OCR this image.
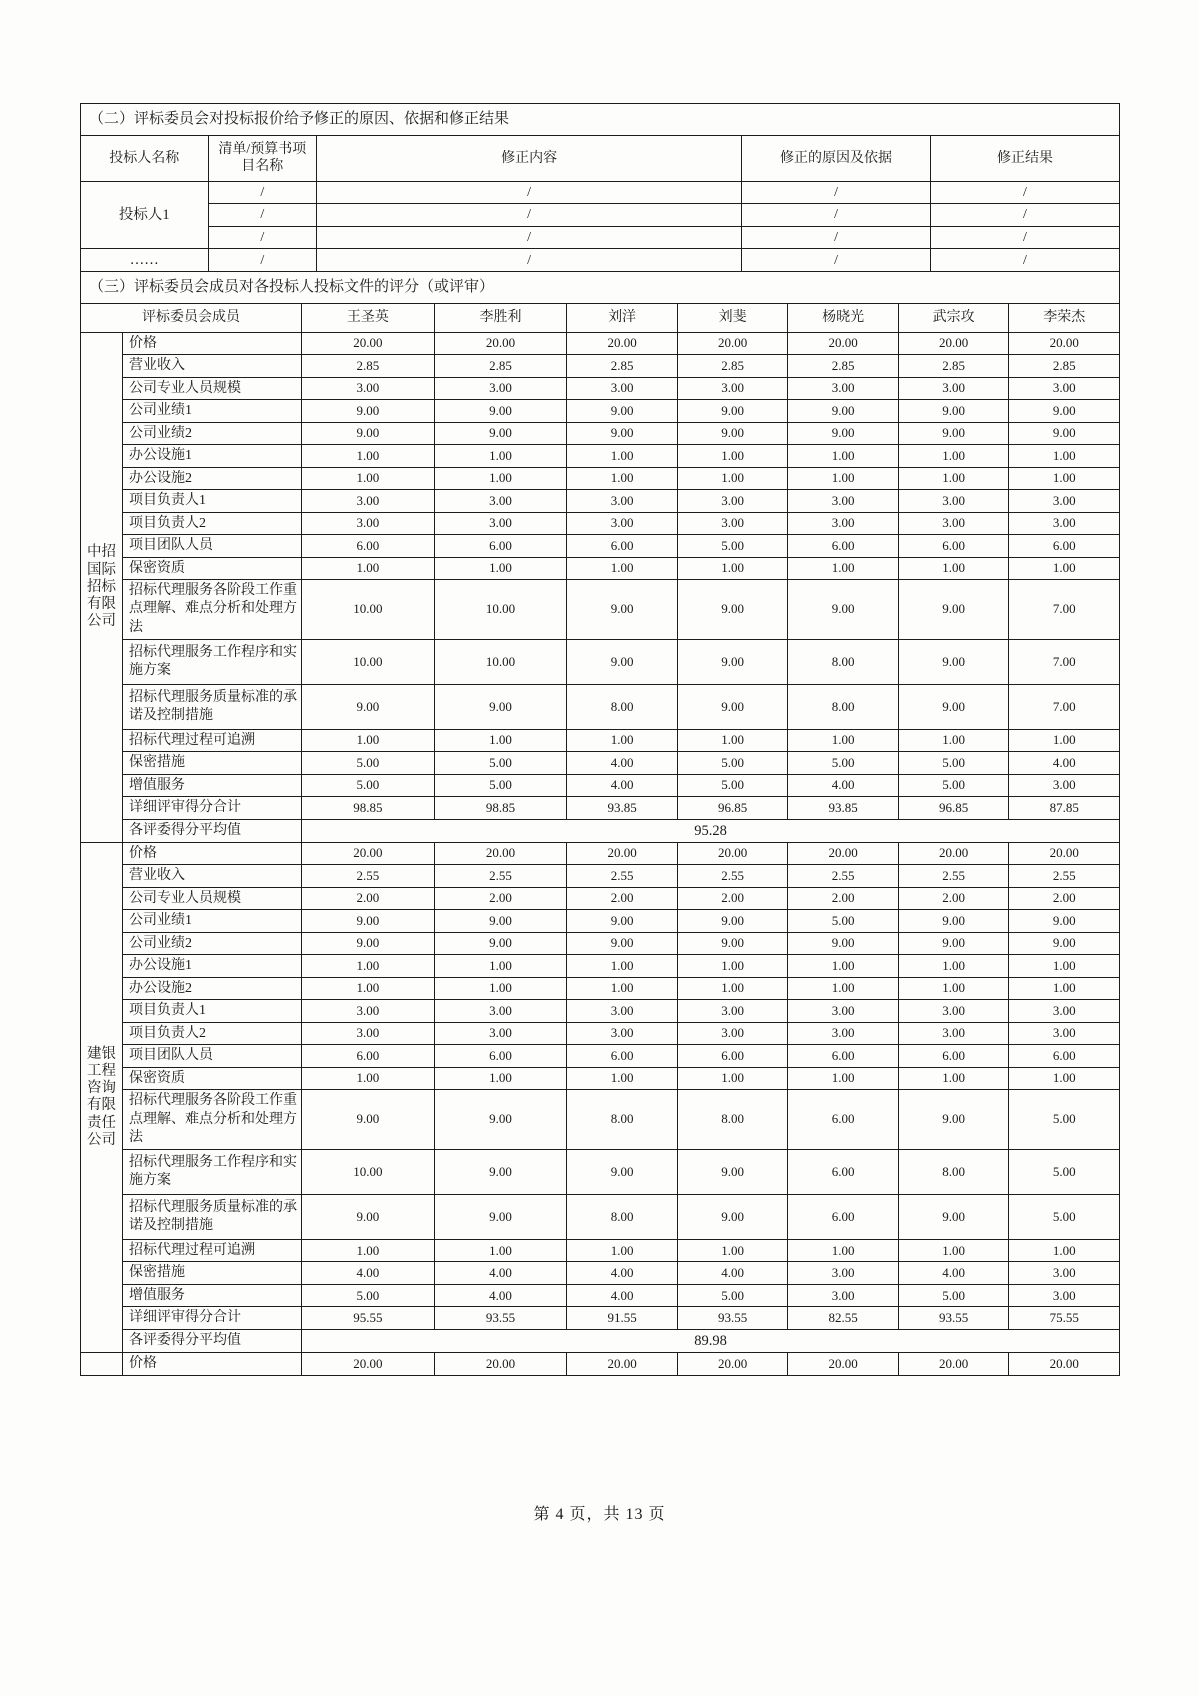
（二）评标委员会对投标报价给予修正的原因、依据和修正结果				
投标人名称	清单/预算书项目名称	修正内容	修正的原因及依据	修正结果
投标人1	/	/	/	/
	/	/	/	/
	/	/	/	/
……	/	/	/	/
（三）评标委员会成员对各投标人投标文件的评分（或评审）								
评标委员会成员		王圣英	李胜利	刘洋	刘斐	杨晓光	武宗攻	李荣杰
中招国际招标有限公司	价格	20.00	20.00	20.00	20.00	20.00	20.00	20.00
	营业收入	2.85	2.85	2.85	2.85	2.85	2.85	2.85
	公司专业人员规模	3.00	3.00	3.00	3.00	3.00	3.00	3.00
	公司业绩1	9.00	9.00	9.00	9.00	9.00	9.00	9.00
	公司业绩2	9.00	9.00	9.00	9.00	9.00	9.00	9.00
	办公设施1	1.00	1.00	1.00	1.00	1.00	1.00	1.00
	办公设施2	1.00	1.00	1.00	1.00	1.00	1.00	1.00
	项目负责人1	3.00	3.00	3.00	3.00	3.00	3.00	3.00
	项目负责人2	3.00	3.00	3.00	3.00	3.00	3.00	3.00
	项目团队人员	6.00	6.00	6.00	5.00	6.00	6.00	6.00
	保密资质	1.00	1.00	1.00	1.00	1.00	1.00	1.00
	招标代理服务各阶段工作重点理解、难点分析和处理方法	10.00	10.00	9.00	9.00	9.00	9.00	7.00
	招标代理服务工作程序和实施方案	10.00	10.00	9.00	9.00	8.00	9.00	7.00
	招标代理服务质量标准的承诺及控制措施	9.00	9.00	8.00	9.00	8.00	9.00	7.00
	招标代理过程可追溯	1.00	1.00	1.00	1.00	1.00	1.00	1.00
	保密措施	5.00	5.00	4.00	5.00	5.00	5.00	4.00
	增值服务	5.00	5.00	4.00	5.00	4.00	5.00	3.00
	详细评审得分合计	98.85	98.85	93.85	96.85	93.85	96.85	87.85
	各评委得分平均值	95.28						
建银工程咨询有限责任公司	价格	20.00	20.00	20.00	20.00	20.00	20.00	20.00
	营业收入	2.55	2.55	2.55	2.55	2.55	2.55	2.55
	公司专业人员规模	2.00	2.00	2.00	2.00	2.00	2.00	2.00
	公司业绩1	9.00	9.00	9.00	9.00	5.00	9.00	9.00
	公司业绩2	9.00	9.00	9.00	9.00	9.00	9.00	9.00
	办公设施1	1.00	1.00	1.00	1.00	1.00	1.00	1.00
	办公设施2	1.00	1.00	1.00	1.00	1.00	1.00	1.00
	项目负责人1	3.00	3.00	3.00	3.00	3.00	3.00	3.00
	项目负责人2	3.00	3.00	3.00	3.00	3.00	3.00	3.00
	项目团队人员	6.00	6.00	6.00	6.00	6.00	6.00	6.00
	保密资质	1.00	1.00	1.00	1.00	1.00	1.00	1.00
	招标代理服务各阶段工作重点理解、难点分析和处理方法	9.00	9.00	8.00	8.00	6.00	9.00	5.00
	招标代理服务工作程序和实施方案	10.00	9.00	9.00	9.00	6.00	8.00	5.00
	招标代理服务质量标准的承诺及控制措施	9.00	9.00	8.00	9.00	6.00	9.00	5.00
	招标代理过程可追溯	1.00	1.00	1.00	1.00	1.00	1.00	1.00
	保密措施	4.00	4.00	4.00	4.00	3.00	4.00	3.00
	增值服务	5.00	4.00	4.00	5.00	3.00	5.00	3.00
	详细评审得分合计	95.55	93.55	91.55	93.55	82.55	93.55	75.55
	各评委得分平均值	89.98						
	价格	20.00	20.00	20.00	20.00	20.00	20.00	20.00
第 4 页，共 13 页
